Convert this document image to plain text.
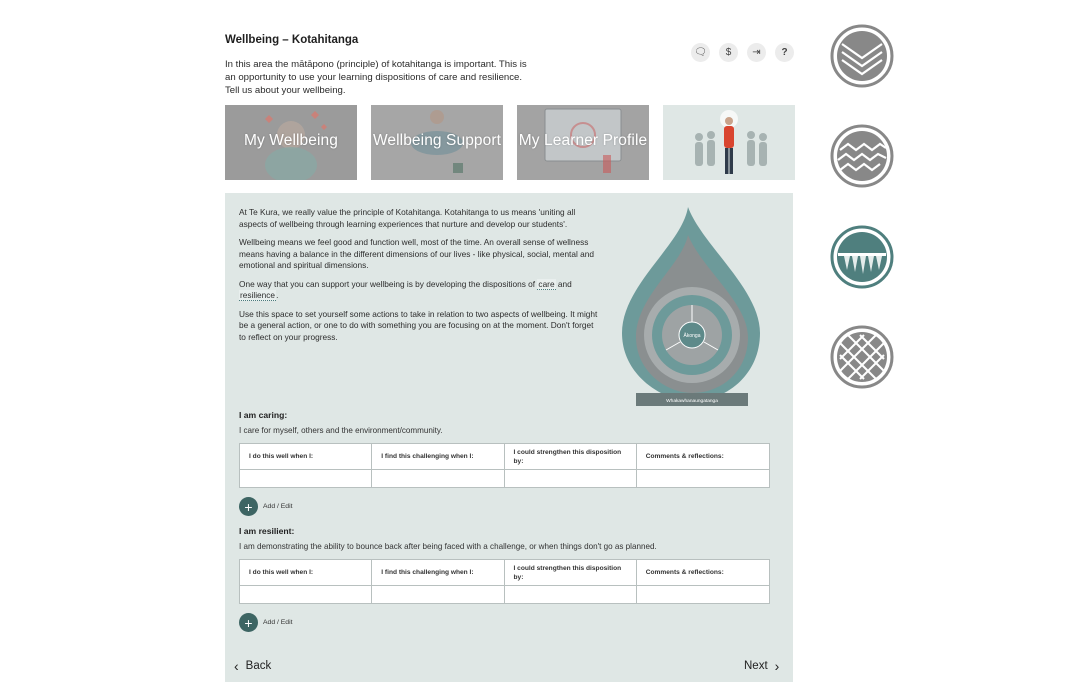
Wellbeing – Kotahitanga
In this area the mātāpono (principle) of kotahitanga is important. This is an opportunity to use your learning dispositions of care and resilience. Tell us about your wellbeing.
🗨	$	⇥	?
My Wellbeing	Wellbeing Support My Learner Profile

At Te Kura, we really value the principle of Kotahitanga. Kotahitanga to us means 'uniting all aspects of wellbeing through learning experiences that nurture and develop our students'.

Wellbeing means we feel good and function well, most of the time. An overall sense of wellness means having a balance in the different dimensions of our lives - like physical, social, mental and emotional and spiritual dimensions.

One way that you can support your wellbeing is by developing the dispositions of care and resilience.

Use this space to set yourself some actions to take in relation to two aspects of wellbeing. It might be a general action, or one to do with something you are focusing on at the moment. Don't forget to reflect on your progress.	Ākonga
Whakawhanaungatanga
I am caring:
I care for myself, others and the environment/community.
I do this well when I:	I find this challenging when I:
I could strengthen this disposition by:
Comments & reflections:
+	Add / Edit
I am resilient:
I am demonstrating the ability to bounce back after being faced with a challenge, or when things don't go as planned.
I do this well when I:	I find this challenging when I:
I could strengthen this disposition by:
Comments & reflections:
+	Add / Edit
‹ Back	Next ›
